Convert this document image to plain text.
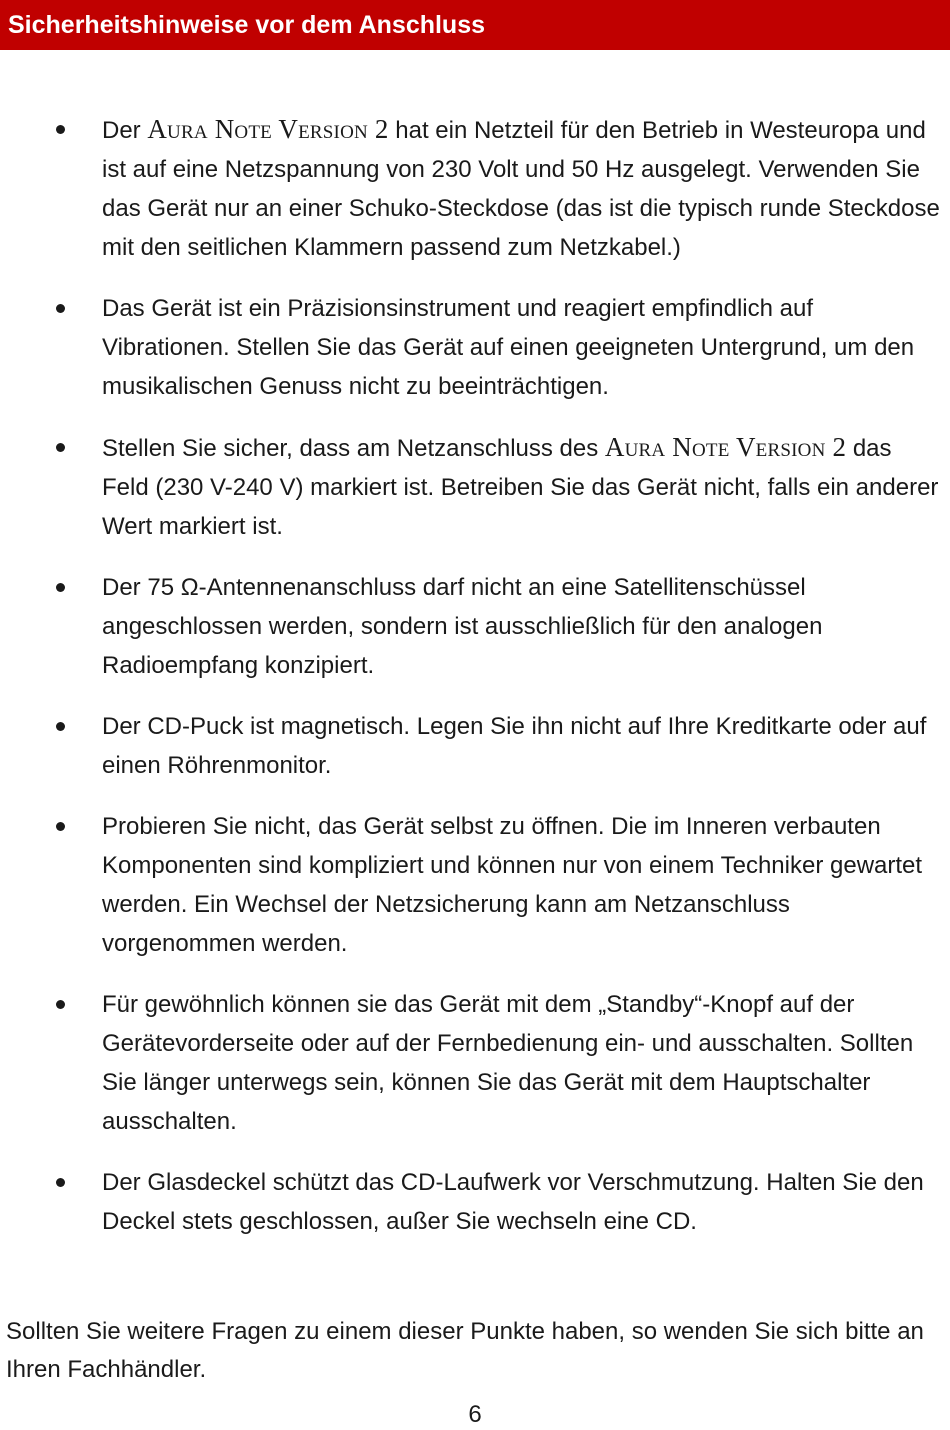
Sicherheitshinweise vor dem Anschluss
Der Aura Note Version 2 hat ein Netzteil für den Betrieb in Westeuropa und ist auf eine Netzspannung von 230 Volt und 50 Hz ausgelegt. Verwenden Sie das Gerät nur an einer Schuko-Steckdose (das ist die typisch runde Steckdose mit den seitlichen Klammern passend zum Netzkabel.)
Das Gerät ist ein Präzisionsinstrument und reagiert empfindlich auf Vibrationen. Stellen Sie das Gerät auf einen geeigneten Untergrund, um den musikalischen Genuss nicht zu beeinträchtigen.
Stellen Sie sicher, dass am Netzanschluss des Aura Note Version 2 das Feld (230 V-240 V) markiert ist. Betreiben Sie das Gerät nicht, falls ein anderer Wert markiert ist.
Der 75 Ω-Antennenanschluss darf nicht an eine Satellitenschüssel angeschlossen werden, sondern ist ausschließlich für den analogen Radioempfang konzipiert.
Der CD-Puck ist magnetisch. Legen Sie ihn nicht auf Ihre Kreditkarte oder auf einen Röhrenmonitor.
Probieren Sie nicht, das Gerät selbst zu öffnen. Die im Inneren verbauten Komponenten sind kompliziert und können nur von einem Techniker gewartet werden. Ein Wechsel der Netzsicherung kann am Netzanschluss vorgenommen werden.
Für gewöhnlich können sie das Gerät mit dem „Standby“-Knopf auf der Gerätevorderseite oder auf der Fernbedienung ein- und ausschalten. Sollten Sie länger unterwegs sein, können Sie das Gerät mit dem Hauptschalter ausschalten.
Der Glasdeckel schützt das CD-Laufwerk vor Verschmutzung. Halten Sie den Deckel stets geschlossen, außer Sie wechseln eine CD.
Sollten Sie weitere Fragen zu einem dieser Punkte haben, so wenden Sie sich bitte an Ihren Fachhändler.
6
